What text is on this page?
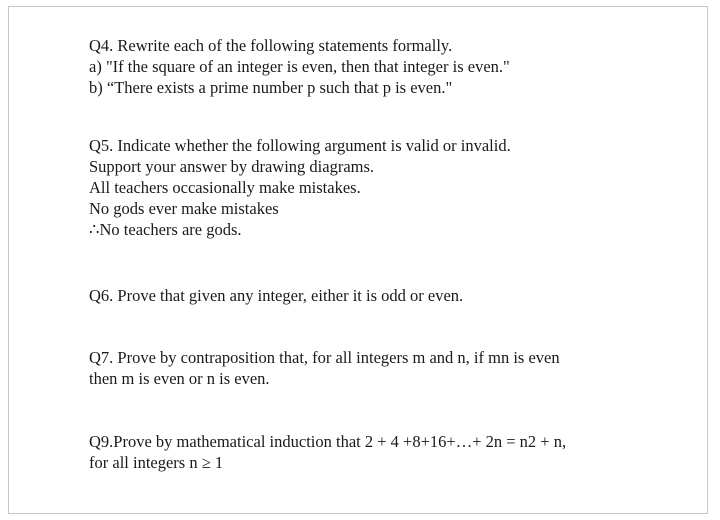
Q4. Rewrite each of the following statements formally.
a) "If the square of an integer is even, then that integer is even."
b) “There exists a prime number p such that p is even."
Q5. Indicate whether the following argument is valid or invalid.
Support your answer by drawing diagrams.
All teachers occasionally make mistakes.
No gods ever make mistakes
∴No teachers are gods.
Q6. Prove that given any integer, either it is odd or even.
Q7. Prove by contraposition that, for all integers m and n, if mn is even
then m is even or n is even.
Q9.Prove by mathematical induction that 2 + 4 +8+16+…+ 2n = n2 + n,
for all integers n ≥ 1
